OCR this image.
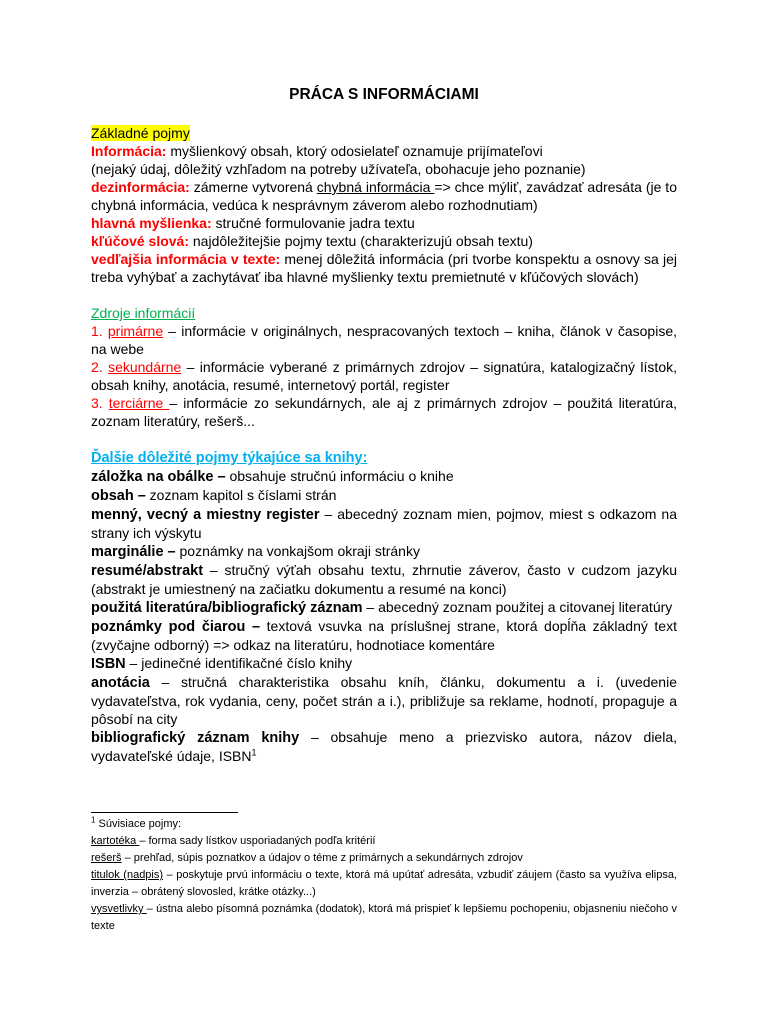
PRÁCA S INFORMÁCIAMI

Základné pojmy

Informácia: myšlienkový obsah, ktorý odosielateľ oznamuje prijímateľovi

(nejaký údaj, dôležitý vzhľadom na potreby užívateľa, obohacuje jeho poznanie)

dezinformácia: zámerne vytvorená chybná informácia => chce mýliť, zavádzať adresáta (je to chybná informácia, vedúca k nesprávnym záverom alebo rozhodnutiam)

hlavná myšlienka: stručné formulovanie jadra textu

kľúčové slová: najdôležitejšie pojmy textu (charakterizujú obsah textu)

vedľajšia informácia v texte: menej dôležitá informácia (pri tvorbe konspektu a osnovy sa jej treba vyhýbať a zachytávať iba hlavné myšlienky textu premietnuté v kľúčových slovách)

Zdroje informácií

1. primárne – informácie v originálnych, nespracovaných textoch – kniha, článok v časopise, na webe

2. sekundárne – informácie vyberané z primárnych zdrojov – signatúra, katalogizačný lístok, obsah knihy, anotácia, resumé, internetový portál, register

3. terciárne – informácie zo sekundárnych, ale aj z primárnych zdrojov – použitá literatúra, zoznam literatúry, rešerš...

Ďalšie dôležité pojmy týkajúce sa knihy:

záložka na obálke – obsahuje stručnú informáciu o knihe

obsah – zoznam kapitol s číslami strán

menný, vecný a miestny register – abecedný zoznam mien, pojmov, miest s odkazom na strany ich výskytu

marginálie – poznámky na vonkajšom okraji stránky

resumé/abstrakt – stručný výťah obsahu textu, zhrnutie záverov, často v cudzom jazyku (abstrakt je umiestnený na začiatku dokumentu a resumé na konci)

použitá literatúra/bibliografický záznam – abecedný zoznam použitej a citovanej literatúry

poznámky pod čiarou – textová vsuvka na príslušnej strane, ktorá dopĺňa základný text (zvyčajne odborný) => odkaz na literatúru, hodnotiace komentáre

ISBN – jedinečné identifikačné číslo knihy

anotácia – stručná charakteristika obsahu kníh, článku, dokumentu a i. (uvedenie vydavateľstva, rok vydania, ceny, počet strán a i.), približuje sa reklame, hodnotí, propaguje a pôsobí na city

bibliografický záznam knihy – obsahuje meno a priezvisko autora, názov diela, vydavateľské údaje, ISBN$^1$

$^1$ Súvisiace pojmy:

kartotéka – forma sady lístkov usporiadaných podľa kritérií

rešerš – prehľad, súpis poznatkov a údajov o téme z primárnych a sekundárnych zdrojov

titulok (nadpis) – poskytuje prvú informáciu o texte, ktorá má upútať adresáta, vzbudiť záujem (často sa využíva elipsa, inverzia – obrátený slovosled, krátke otázky...)

vysvetlivky – ústna alebo písomná poznámka (dodatok), ktorá má prispieť k lepšiemu pochopeniu, objasneniu niečoho v texte
